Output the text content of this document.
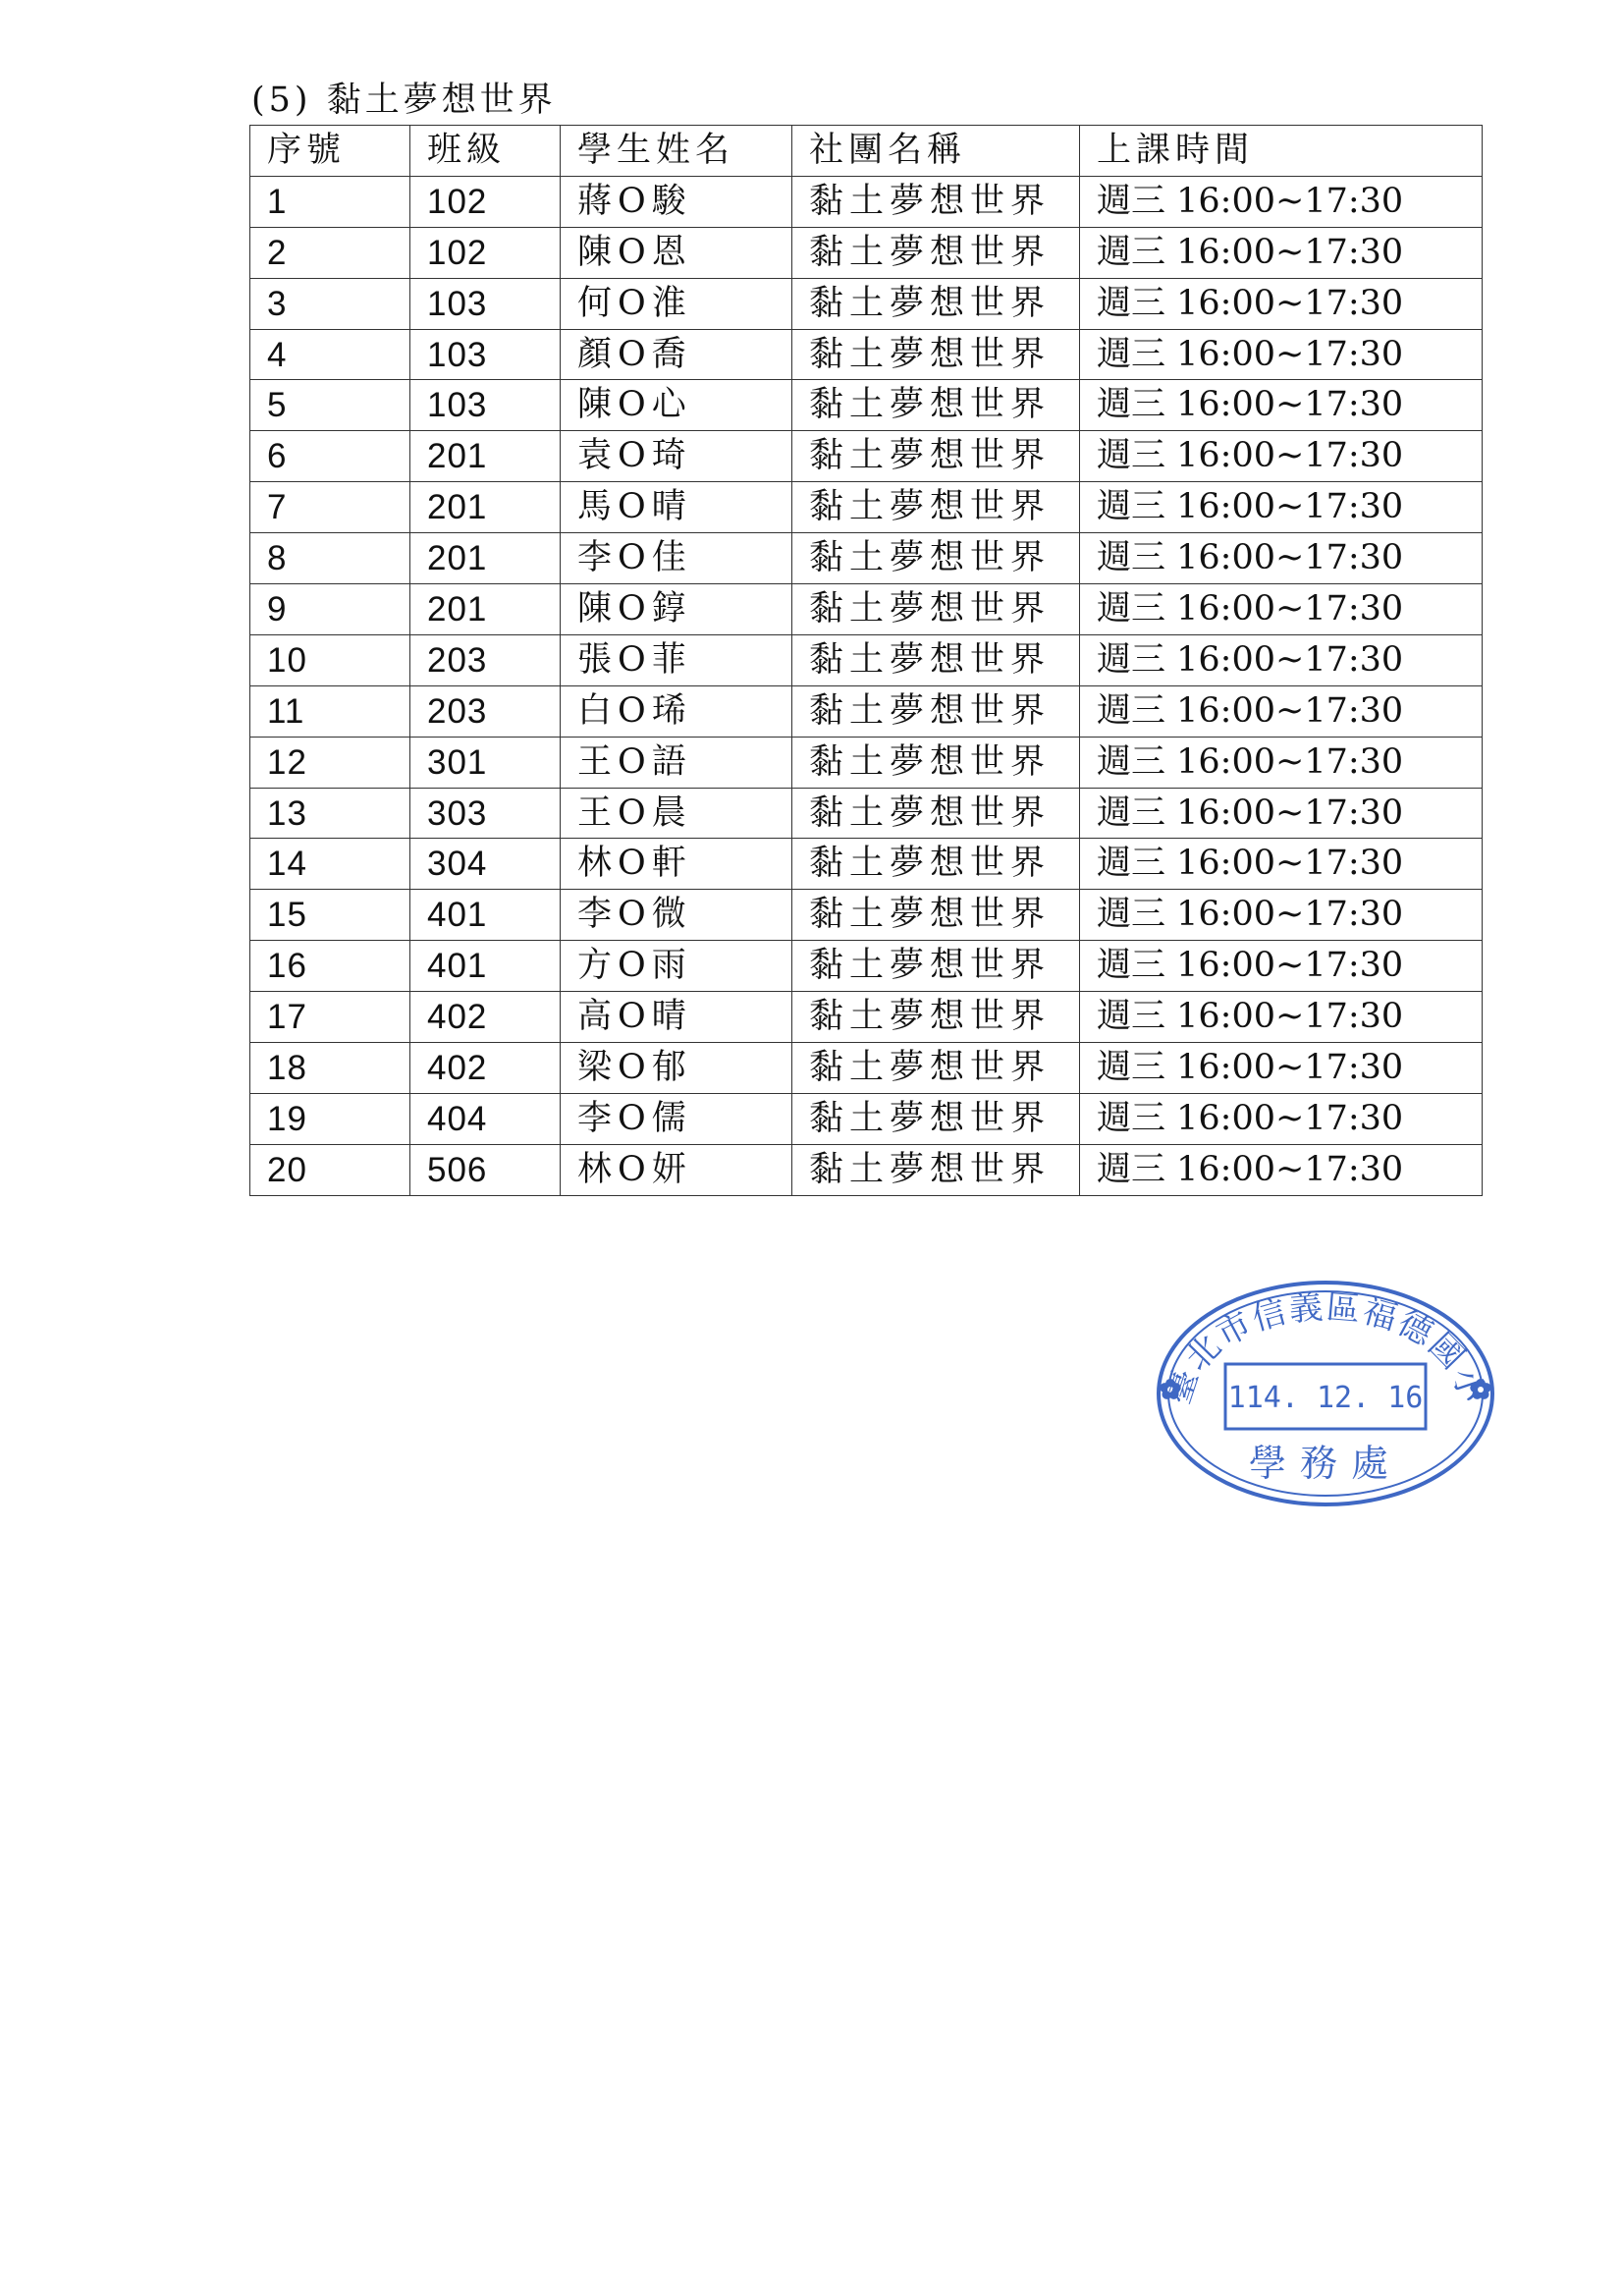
(5) 黏土夢想世界
序號	班級	學生姓名	社團名稱	上課時間
1	102	蔣O駿	黏土夢想世界	週三 16:00~17:30
2	102	陳O恩	黏土夢想世界	週三 16:00~17:30
3	103	何O淮	黏土夢想世界	週三 16:00~17:30
4	103	顏O喬	黏土夢想世界	週三 16:00~17:30
5	103	陳O心	黏土夢想世界	週三 16:00~17:30
6	201	袁O琦	黏土夢想世界	週三 16:00~17:30
7	201	馬O晴	黏土夢想世界	週三 16:00~17:30
8	201	李O佳	黏土夢想世界	週三 16:00~17:30
9	201	陳O錞	黏土夢想世界	週三 16:00~17:30
10	203	張O菲	黏土夢想世界	週三 16:00~17:30
11	203	白O琋	黏土夢想世界	週三 16:00~17:30
12	301	王O語	黏土夢想世界	週三 16:00~17:30
13	303	王O晨	黏土夢想世界	週三 16:00~17:30
14	304	林O軒	黏土夢想世界	週三 16:00~17:30
15	401	李O微	黏土夢想世界	週三 16:00~17:30
16	401	方O雨	黏土夢想世界	週三 16:00~17:30
17	402	高O晴	黏土夢想世界	週三 16:00~17:30
18	402	梁O郁	黏土夢想世界	週三 16:00~17:30
19	404	李O儒	黏土夢想世界	週三 16:00~17:30
20	506	林O妍	黏土夢想世界	週三 16:00~17:30
臺北市信義區福德國小
114. 12. 16
學務處
